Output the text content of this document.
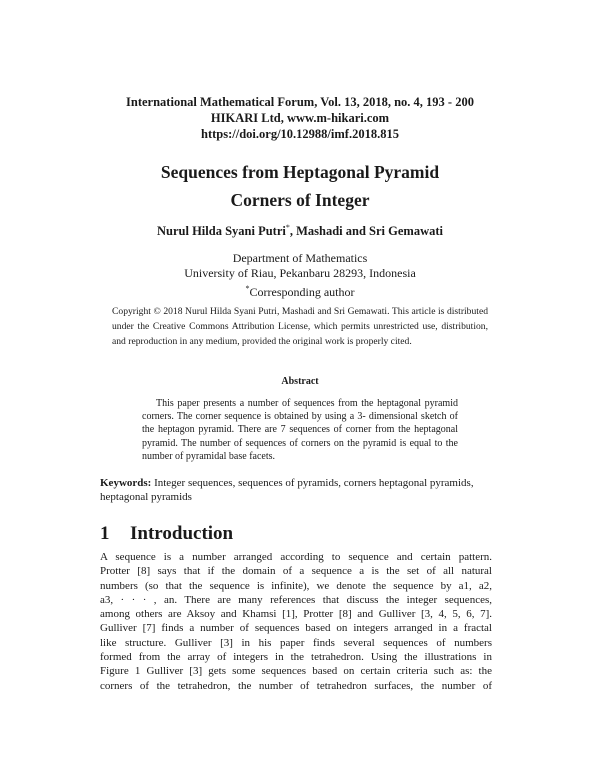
International Mathematical Forum, Vol. 13, 2018, no. 4, 193 - 200
HIKARI Ltd, www.m-hikari.com
https://doi.org/10.12988/imf.2018.815
Sequences from Heptagonal Pyramid
Corners of Integer
Nurul Hilda Syani Putri*, Mashadi and Sri Gemawati
Department of Mathematics
University of Riau, Pekanbaru 28293, Indonesia
*Corresponding author
Copyright © 2018 Nurul Hilda Syani Putri, Mashadi and Sri Gemawati. This article is distributed under the Creative Commons Attribution License, which permits unrestricted use, distribution, and reproduction in any medium, provided the original work is properly cited.
Abstract
This paper presents a number of sequences from the heptagonal pyramid corners. The corner sequence is obtained by using a 3- dimensional sketch of the heptagon pyramid. There are 7 sequences of corner from the heptagonal pyramid. The number of sequences of corners on the pyramid is equal to the number of pyramidal base facets.
Keywords: Integer sequences, sequences of pyramids, corners heptagonal pyramids, heptagonal pyramids
1 Introduction
A sequence is a number arranged according to sequence and certain pattern.
Protter [8] says that if the domain of a sequence a is the set of all natural
numbers (so that the sequence is infinite), we denote the sequence by a1, a2,
a3, · · · , an. There are many references that discuss the integer sequences,
among others are Aksoy and Khamsi [1], Protter [8] and Gulliver [3, 4, 5, 6, 7].
Gulliver [7] finds a number of sequences based on integers arranged in a fractal
like structure. Gulliver [3] in his paper finds several sequences of numbers
formed from the array of integers in the tetrahedron. Using the illustrations in
Figure 1 Gulliver [3] gets some sequences based on certain criteria such as: the
corners of the tetrahedron, the number of tetrahedron surfaces, the number of
